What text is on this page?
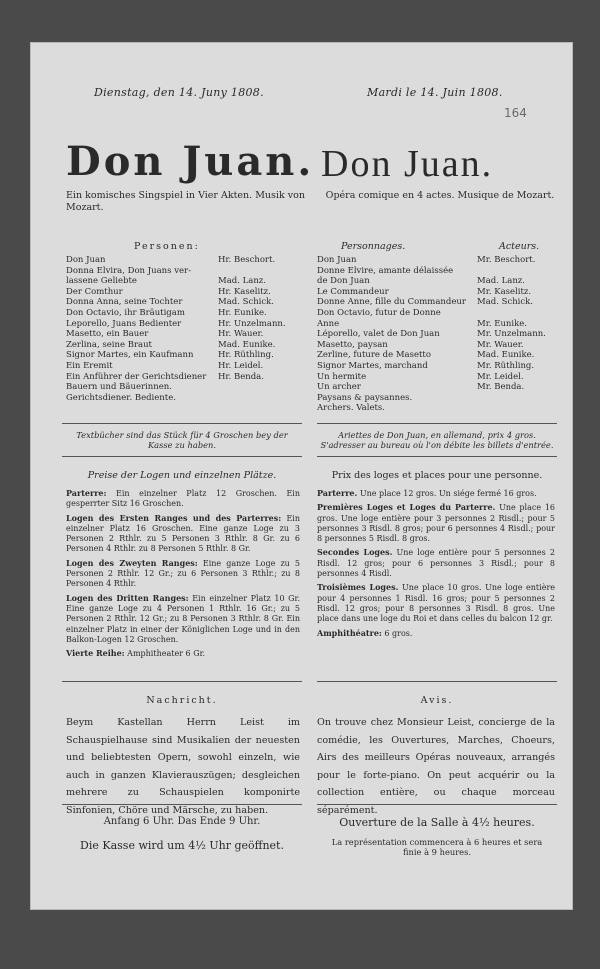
164
Dienstag, den 14. Juny 1808.
Don Juan.
Ein komisches Singspiel in Vier Akten. Musik von Mozart.
Personen:
Don Juan	Hr. Beschort.
Donna Elvira, Don Juans ver-
lassene Geliebte	Mad. Lanz.
Der Comthur	Hr. Kaselitz.
Donna Anna, seine Tochter	Mad. Schick.
Don Octavio, ihr Bräutigam	Hr. Eunike.
Leporello, Juans Bedienter	Hr. Unzelmann.
Masetto, ein Bauer	Hr. Wauer.
Zerlina, seine Braut	Mad. Eunike.
Signor Martes, ein Kaufmann	Hr. Rüthling.
Ein Eremit	Hr. Leidel.
Ein Anführer der Gerichtsdiener Hr. Benda.
Bauern und Bäuerinnen.
Gerichtsdiener. Bediente.
Textbücher sind das Stück für 4 Groschen bey der Kasse zu haben.
Preise der Logen und einzelnen Plätze.
Parterre: Ein einzelner Platz 12 Groschen. Ein gesperrter Sitz 16 Groschen.
Logen des Ersten Ranges und des Parterres: Ein einzelner Platz 16 Groschen. Eine ganze Loge zu 3 Personen 2 Rthlr. zu 5 Personen 3 Rthlr. 8 Gr. zu 6 Personen 4 Rthlr. zu 8 Personen 5 Rthlr. 8 Gr.
Logen des Zweyten Ranges: Eine ganze Loge zu 5 Personen 2 Rthlr. 12 Gr.; zu 6 Personen 3 Rthlr.; zu 8 Personen 4 Rthlr.
Logen des Dritten Ranges: Ein einzelner Platz 10 Gr. Eine ganze Loge zu 4 Personen 1 Rthlr. 16 Gr.; zu 5 Personen 2 Rthlr. 12 Gr.; zu 8 Personen 3 Rthlr. 8 Gr. Ein einzelner Platz in einer der Königlichen Loge und in den Balkon-Logen 12 Groschen.
Vierte Reihe: Amphitheater 6 Gr.
Nachricht.
Beym Kastellan Herrn Leist im Schauspielhause sind Musikalien der neuesten und beliebtesten Opern, sowohl einzeln, wie auch in ganzen Klavierauszügen; desgleichen mehrere zu Schauspielen komponirte Sinfonien, Chöre und Märsche, zu haben.
Anfang 6 Uhr. Das Ende 9 Uhr.
Die Kasse wird um 4½ Uhr geöffnet.
Mardi le 14. Juin 1808.
Don Juan.
Opéra comique en 4 actes. Musique de Mozart.
Personnages.	Acteurs.
Don Juan	Mr. Beschort.
Donne Elvire, amante délaissée
de Don Juan	Mad. Lanz.
Le Commandeur	Mr. Kaselitz.
Donne Anne, fille du Commandeur Mad. Schick.
Don Octavio, futur de Donne
Anne	Mr. Eunike.
Léporello, valet de Don Juan	Mr. Unzelmann.
Masetto, paysan	Mr. Wauer.
Zerline, future de Masetto	Mad. Eunike.
Signor Martes, marchand	Mr. Rüthling.
Un hermite	Mr. Leidel.
Un archer	Mr. Benda.
Paysans & paysannes.
Archers. Valets.
Ariettes de Don Juan, en allemand, prix 4 gros. S'adresser au bureau où l'on débite les billets d'entrée.
Prix des loges et places pour une personne.
Parterre. Une place 12 gros. Un siége fermé 16 gros.
Premières Loges et Loges du Parterre. Une place 16 gros. Une loge entière pour 3 personnes 2 Risdl.; pour 5 personnes 3 Risdl. 8 gros; pour 6 personnes 4 Risdl.; pour 8 personnes 5 Risdl. 8 gros.
Secondes Loges. Une loge entière pour 5 personnes 2 Risdl. 12 gros; pour 6 personnes 3 Risdl.; pour 8 personnes 4 Risdl.
Troisièmes Loges. Une place 10 gros. Une loge entière pour 4 personnes 1 Risdl. 16 gros; pour 5 personnes 2 Risdl. 12 gros; pour 8 personnes 3 Risdl. 8 gros. Une place dans une loge du Roi et dans celles du balcon 12 gr.
Amphithéatre: 6 gros.
Avis.
On trouve chez Monsieur Leist, concierge de la comédie, les Ouvertures, Marches, Choeurs, Airs des meilleurs Opéras nouveaux, arrangés pour le forte-piano. On peut acquérir ou la collection entière, ou chaque morceau séparément.
Ouverture de la Salle à 4½ heures.
La représentation commencera à 6 heures et sera finie à 9 heures.
